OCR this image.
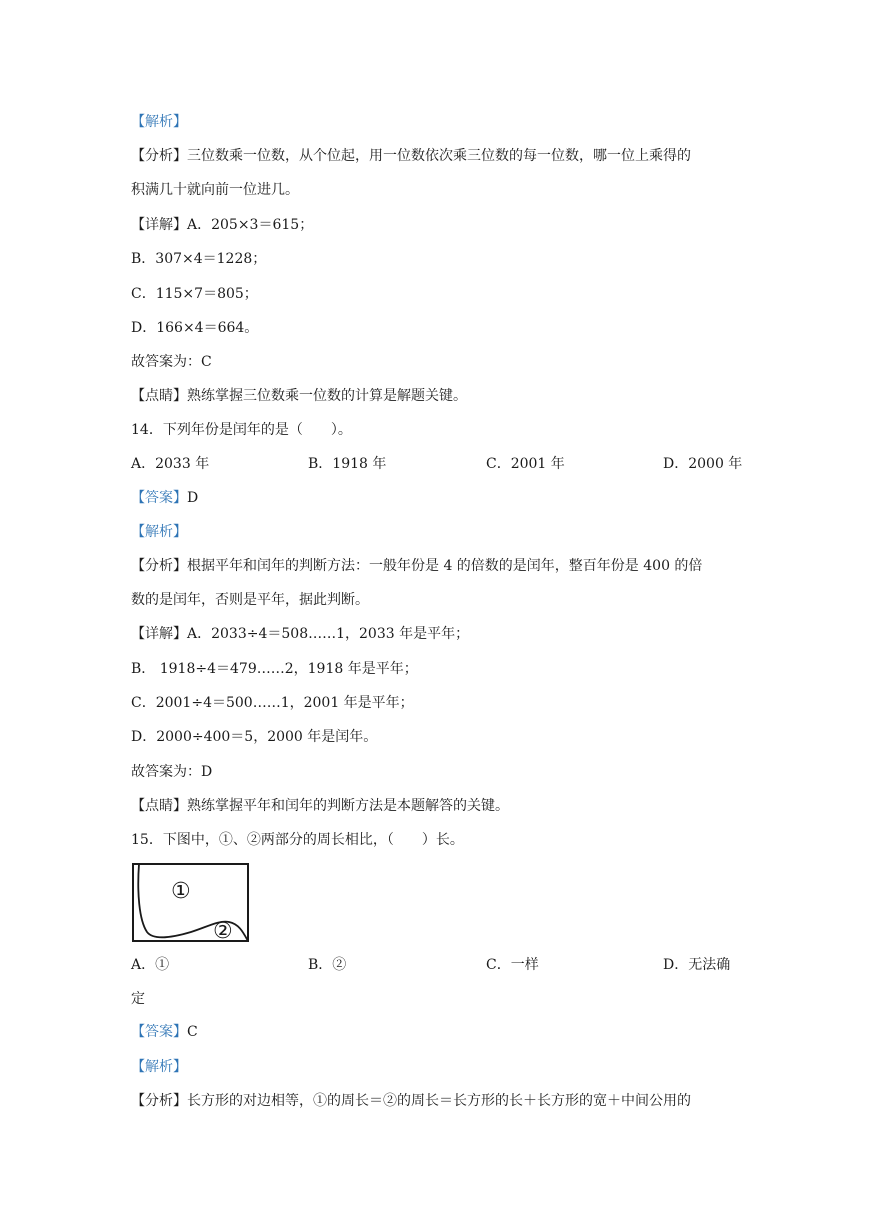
【解析】
【分析】三位数乘一位数，从个位起，用一位数依次乘三位数的每一位数，哪一位上乘得的
积满几十就向前一位进几。
【详解】A．205×3＝615；
B．307×4＝1228；
C．115×7＝805；
D．166×4＝664。
故答案为：C
【点睛】熟练掌握三位数乘一位数的计算是解题关键。
14．下列年份是闰年的是（　　）。
A．2033 年	B．1918 年	C．2001 年	D．2000 年
【答案】D
【解析】
【分析】根据平年和闰年的判断方法：一般年份是 4 的倍数的是闰年，整百年份是 400 的倍
数的是闰年，否则是平年，据此判断。
【详解】A．2033÷4＝508……1，2033 年是平年；
B． 1918÷4＝479……2，1918 年是平年；
C．2001÷4＝500……1，2001 年是平年；
D．2000÷400＝5，2000 年是闰年。
故答案为：D
【点睛】熟练掌握平年和闰年的判断方法是本题解答的关键。
15．下图中，①、②两部分的周长相比，（　　）长。
①
②
A．①	B．②	C．一样	D．无法确
定
【答案】C
【解析】
【分析】长方形的对边相等，①的周长＝②的周长＝长方形的长＋长方形的宽＋中间公用的
